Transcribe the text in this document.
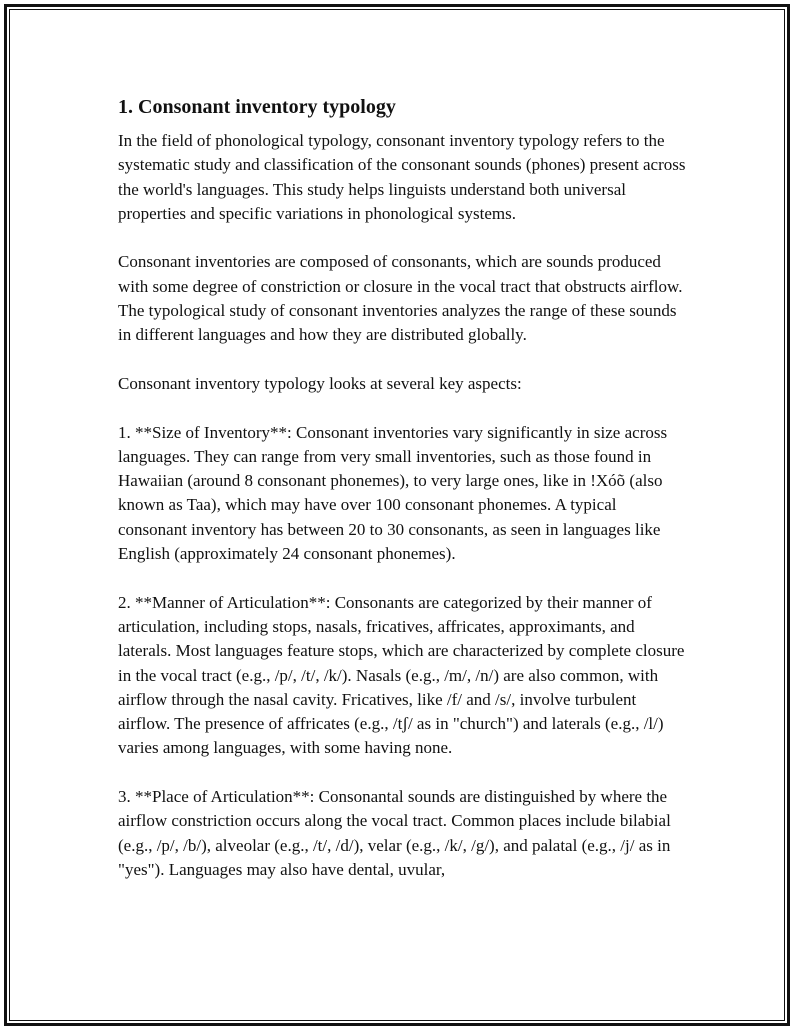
1. Consonant inventory typology

In the field of phonological typology, consonant inventory typology refers to the systematic study and classification of the consonant sounds (phones) present across the world's languages. This study helps linguists understand both universal properties and specific variations in phonological systems.

Consonant inventories are composed of consonants, which are sounds produced with some degree of constriction or closure in the vocal tract that obstructs airflow. The typological study of consonant inventories analyzes the range of these sounds in different languages and how they are distributed globally.

Consonant inventory typology looks at several key aspects:

1. **Size of Inventory**: Consonant inventories vary significantly in size across languages. They can range from very small inventories, such as those found in Hawaiian (around 8 consonant phonemes), to very large ones, like in !Xóõ (also known as Taa), which may have over 100 consonant phonemes. A typical consonant inventory has between 20 to 30 consonants, as seen in languages like English (approximately 24 consonant phonemes).

2. **Manner of Articulation**: Consonants are categorized by their manner of articulation, including stops, nasals, fricatives, affricates, approximants, and laterals. Most languages feature stops, which are characterized by complete closure in the vocal tract (e.g., /p/, /t/, /k/). Nasals (e.g., /m/, /n/) are also common, with airflow through the nasal cavity. Fricatives, like /f/ and /s/, involve turbulent airflow. The presence of affricates (e.g., /tʃ/ as in "church") and laterals (e.g., /l/) varies among languages, with some having none.

3. **Place of Articulation**: Consonantal sounds are distinguished by where the airflow constriction occurs along the vocal tract. Common places include bilabial (e.g., /p/, /b/), alveolar (e.g., /t/, /d/), velar (e.g., /k/, /g/), and palatal (e.g., /j/ as in "yes"). Languages may also have dental, uvular,
